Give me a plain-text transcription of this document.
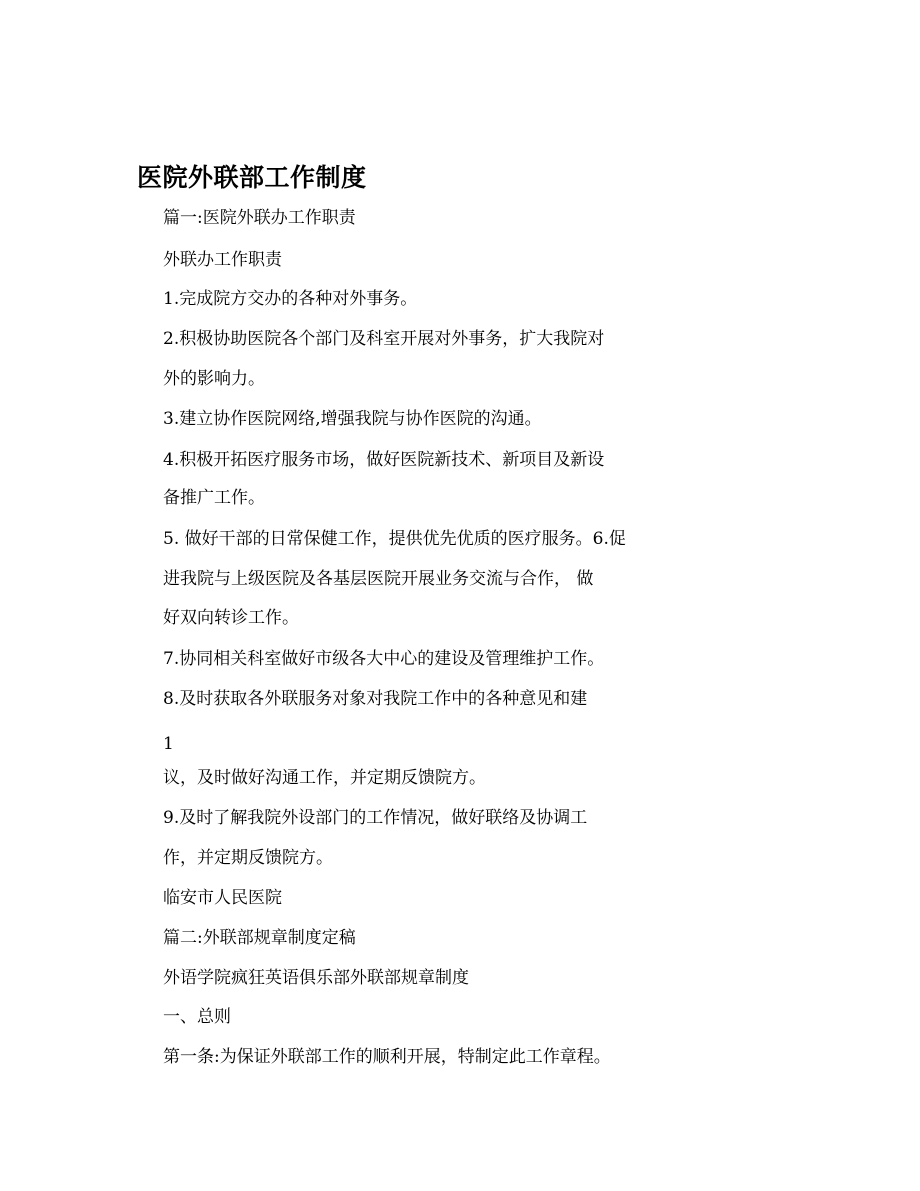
医院外联部工作制度
篇一:医院外联办工作职责
外联办工作职责
1.完成院方交办的各种对外事务。
2.积极协助医院各个部门及科室开展对外事务，扩大我院对
外的影响力。
3.建立协作医院网络,增强我院与协作医院的沟通。
4.积极开拓医疗服务市场，做好医院新技术、新项目及新设
备推广工作。
5. 做好干部的日常保健工作，提供优先优质的医疗服务。6.促
进我院与上级医院及各基层医院开展业务交流与合作， 做
好双向转诊工作。
7.协同相关科室做好市级各大中心的建设及管理维护工作。
8.及时获取各外联服务对象对我院工作中的各种意见和建
1
议，及时做好沟通工作，并定期反馈院方。
9.及时了解我院外设部门的工作情况，做好联络及协调工
作，并定期反馈院方。
临安市人民医院
篇二:外联部规章制度定稿
外语学院疯狂英语俱乐部外联部规章制度
一、总则
第一条:为保证外联部工作的顺利开展，特制定此工作章程。
